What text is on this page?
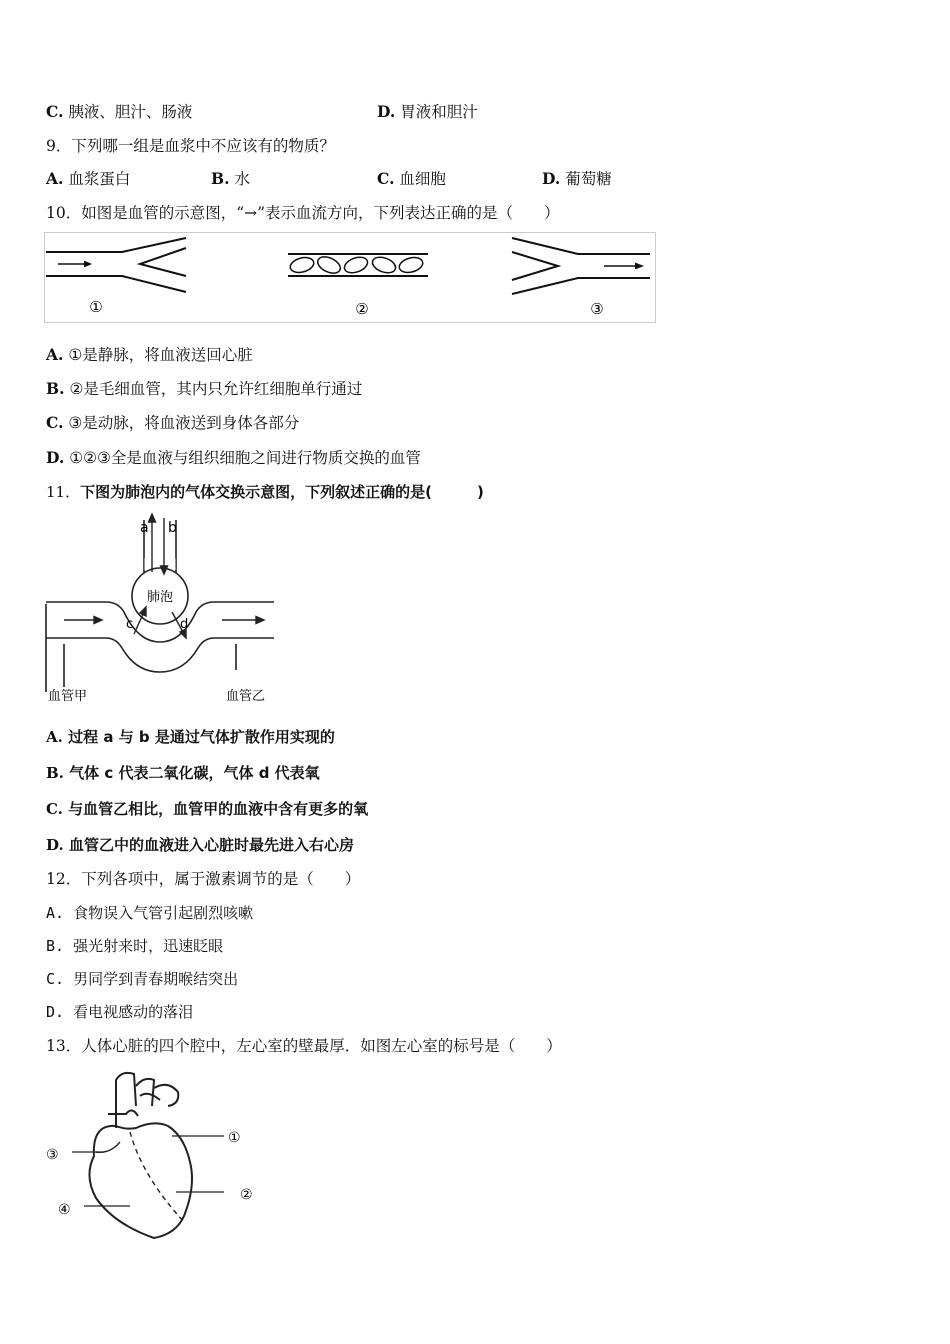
C. 胰液、胆汁、肠液	D. 胃液和胆汁
9．下列哪一组是血浆中不应该有的物质？
A. 血浆蛋白	B. 水	C. 血细胞	D. 葡萄糖
10．如图是血管的示意图，“→”表示血流方向，下列表达正确的是（　　）
①	②	③
A. ①是静脉，将血液送回心脏
B. ②是毛细血管，其内只允许红细胞单行通过
C. ③是动脉，将血液送到身体各部分
D. ①②③全是血液与组织细胞之间进行物质交换的血管
11．下图为肺泡内的气体交换示意图，下列叙述正确的是(　　　)
a b
c	d
肺泡
血管甲	血管乙
A. 过程 a 与 b 是通过气体扩散作用实现的
B. 气体 c 代表二氧化碳，气体 d 代表氧
C. 与血管乙相比，血管甲的血液中含有更多的氧
D. 血管乙中的血液进入心脏时最先进入右心房
12．下列各项中，属于激素调节的是（　　）
A. 食物误入气管引起剧烈咳嗽
B. 强光射来时，迅速眨眼
C. 男同学到青春期喉结突出
D. 看电视感动的落泪
13．人体心脏的四个腔中，左心室的壁最厚．如图左心室的标号是（　　）
①
②
③
④
